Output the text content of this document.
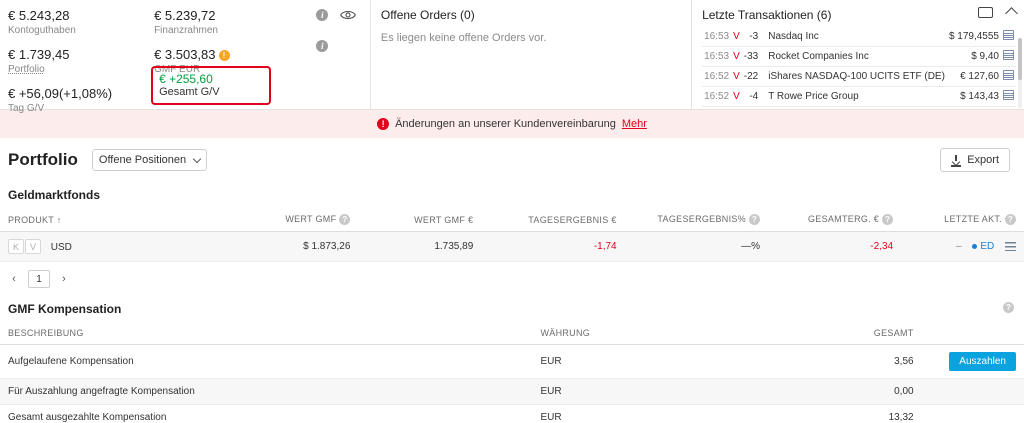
€ 5.243,28
Kontoguthaben
€ 1.739,45
Portfolio
€ +56,09(+1,08%)
Tag G/V
€ 5.239,72
Finanzrahmen
€ 3.503,83 !
GMF EUR
€ +255,60
Gesamt G/V
i
i
Offene Orders (0)
Es liegen keine offene Orders vor.
Letzte Transaktionen (6)
16:53	V	-3	Nasdaq Inc	$ 179,4555	
16:53	V	-33	Rocket Companies Inc	$ 9,40	
16:52	V	-22	iShares NASDAQ-100 UCITS ETF (DE)	€ 127,60	
16:52	V	-4	T Rowe Price Group	$ 143,43	
! Änderungen an unserer Kundenvereinbarung Mehr
Portfolio Offene Positionen	Export
Geldmarktfonds
PRODUKT ↑	WERT GMF ?	WERT GMF €	TAGESERGEBNIS €	TAGESERGEBNIS% ?	GESAMTERG. € ?	LETZTE AKT. ?
K V USD	$ 1.873,26	1.735,89	-1,74	—%	-2,34	– ED
‹	1	›
GMF Kompensation	?
BESCHREIBUNG	WÄHRUNG	GESAMT	
Aufgelaufene Kompensation	EUR	3,56	Auszahlen
Für Auszahlung angefragte Kompensation	EUR	0,00	
Gesamt ausgezahlte Kompensation	EUR	13,32	
